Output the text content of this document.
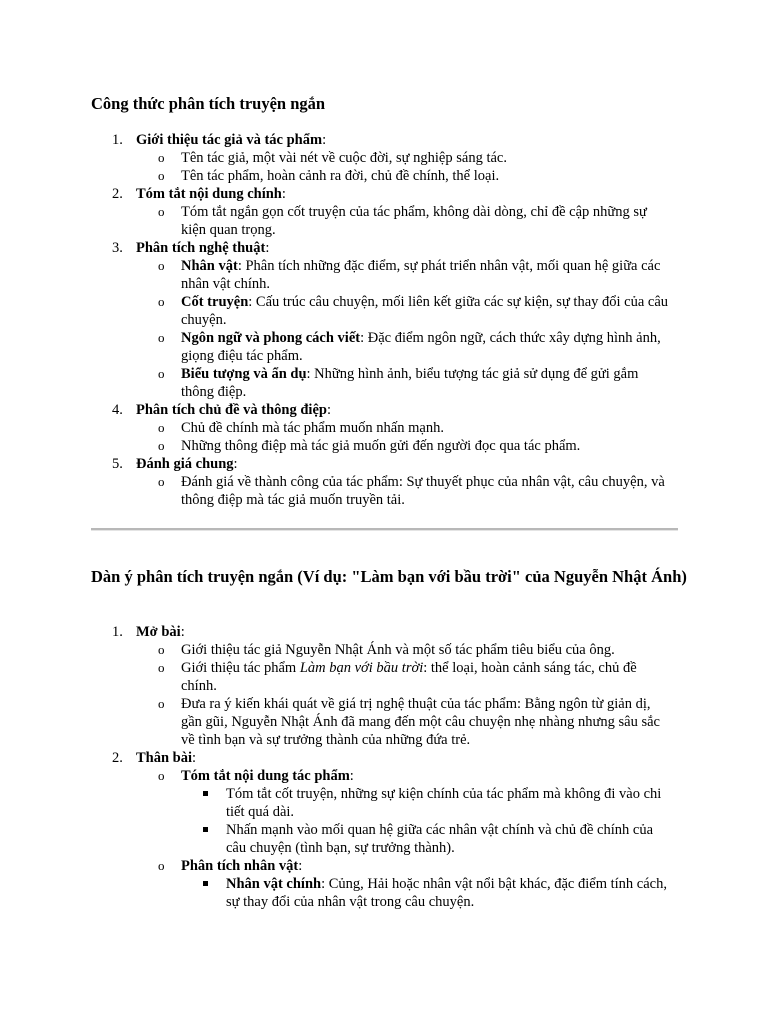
Công thức phân tích truyện ngắn
1. Giới thiệu tác giả và tác phẩm:
o Tên tác giả, một vài nét về cuộc đời, sự nghiệp sáng tác.
o Tên tác phẩm, hoàn cảnh ra đời, chủ đề chính, thể loại.
2. Tóm tắt nội dung chính:
o Tóm tắt ngắn gọn cốt truyện của tác phẩm, không dài dòng, chỉ đề cập những sự kiện quan trọng.
3. Phân tích nghệ thuật:
o Nhân vật: Phân tích những đặc điểm, sự phát triển nhân vật, mối quan hệ giữa các nhân vật chính.
o Cốt truyện: Cấu trúc câu chuyện, mối liên kết giữa các sự kiện, sự thay đổi của câu chuyện.
o Ngôn ngữ và phong cách viết: Đặc điểm ngôn ngữ, cách thức xây dựng hình ảnh, giọng điệu tác phẩm.
o Biểu tượng và ẩn dụ: Những hình ảnh, biểu tượng tác giả sử dụng để gửi gắm thông điệp.
4. Phân tích chủ đề và thông điệp:
o Chủ đề chính mà tác phẩm muốn nhấn mạnh.
o Những thông điệp mà tác giả muốn gửi đến người đọc qua tác phẩm.
5. Đánh giá chung:
o Đánh giá về thành công của tác phẩm: Sự thuyết phục của nhân vật, câu chuyện, và thông điệp mà tác giả muốn truyền tải.
Dàn ý phân tích truyện ngắn (Ví dụ: "Làm bạn với bầu trời" của Nguyễn Nhật Ánh)
1. Mở bài:
o Giới thiệu tác giả Nguyễn Nhật Ánh và một số tác phẩm tiêu biểu của ông.
o Giới thiệu tác phẩm Làm bạn với bầu trời: thể loại, hoàn cảnh sáng tác, chủ đề chính.
o Đưa ra ý kiến khái quát về giá trị nghệ thuật của tác phẩm: Bằng ngôn từ giản dị, gần gũi, Nguyễn Nhật Ánh đã mang đến một câu chuyện nhẹ nhàng nhưng sâu sắc về tình bạn và sự trưởng thành của những đứa trẻ.
2. Thân bài:
o Tóm tắt nội dung tác phẩm:
Tóm tắt cốt truyện, những sự kiện chính của tác phẩm mà không đi vào chi tiết quá dài.
Nhấn mạnh vào mối quan hệ giữa các nhân vật chính và chủ đề chính của câu chuyện (tình bạn, sự trưởng thành).
o Phân tích nhân vật:
Nhân vật chính: Củng, Hải hoặc nhân vật nổi bật khác, đặc điểm tính cách, sự thay đổi của nhân vật trong câu chuyện.
